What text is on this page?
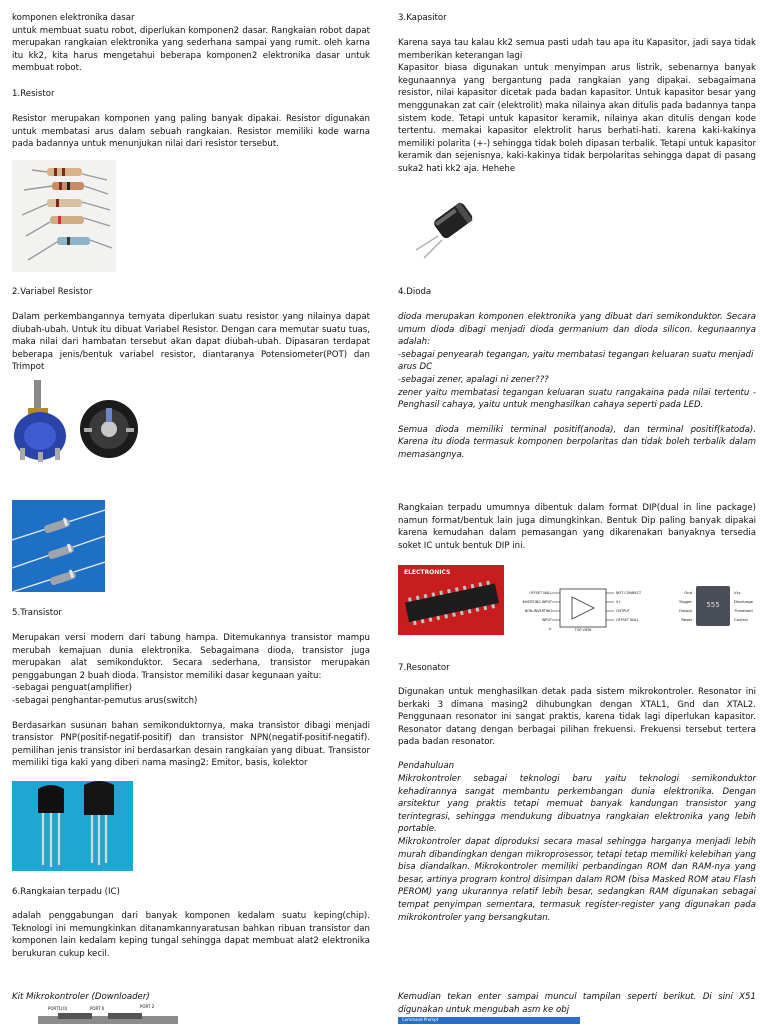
komponen elektronika dasar
untuk membuat suatu robot, diperlukan komponen2 dasar. Rangkaian robot dapat merupakan rangkaian elektronika yang sederhana sampai yang rumit. oleh karna itu kk2, kita harus mengetahui beberapa komponen2 elektronika dasar untuk membuat robot.
1.Resistor
Resistor merupakan komponen yang paling banyak dipakai. Resistor digunakan untuk membatasi arus dalam sebuah rangkaian. Resistor memiliki kode warna pada badannya untuk menunjukan nilai dari resistor tersebut.
2.Variabel Resistor
Dalam perkembangannya ternyata diperlukan suatu resistor yang nilainya dapat diubah-ubah. Untuk itu dibuat Variabel Resistor. Dengan cara memutar suatu tuas, maka nilai dari hambatan tersebut akan dapat diubah-ubah. Dipasaran terdapat beberapa jenis/bentuk variabel resistor, diantaranya Potensiometer(POT) dan Trimpot
5.Transistor
Merupakan versi modern dari tabung hampa. Ditemukannya transistor mampu merubah kemajuan dunia elektronika. Sebagaimana dioda, transistor juga merupakan alat semikonduktor. Secara sederhana, transistor merupakan penggabungan 2 buah dioda. Transistor memiliki dasar kegunaan yaitu:
-sebagai penguat(amplifier)
-sebagai penghantar-pemutus arus(switch)
Berdasarkan susunan bahan semikonduktornya, maka transistor dibagi menjadi transistor PNP(positif-negatif-positif) dan transistor NPN(negatif-positif-negatif). pemilihan jenis transistor ini berdasarkan desain rangkaian yang dibuat. Transistor memiliki tiga kaki yang diberi nama masing2: Emitor, basis, kolektor
6.Rangkaian terpadu (IC)
adalah penggabungan dari banyak komponen kedalam suatu keping(chip). Teknologi ini memungkinkan ditanamkannyaratusan bahkan ribuan transistor dan komponen lain kedalam keping tungal sehingga dapat membuat alat2 elektronika berukuran cukup kecil.
Kit Mikrokontroler (Downloader)
PORT1(O)	PORT 0	PORT 2
3.Kapasitor
Karena saya tau kalau kk2 semua pasti udah tau apa itu Kapasitor, jadi saya tidak memberikan keterangan lagi
Kapasitor biasa digunakan untuk menyimpan arus listrik, sebenarnya banyak kegunaannya yang bergantung pada rangkaian yang dipakai. sebagaimana resistor, nilai kapasitor dicetak pada badan kapasitor. Untuk kapasitor besar yang menggunakan zat cair (elektrolit) maka nilainya akan ditulis pada badannya tanpa sistem kode. Tetapi untuk kapasitor keramik, nilainya akan ditulis dengan kode tertentu. memakai kapasitor elektrolit harus berhati-hati. karena kaki-kakinya memiliki polarita (+-) sehingga tidak boleh dipasan terbalik. Tetapi untuk kapasitor keramik dan sejenisnya, kaki-kakinya tidak berpolaritas sehingga dapat di pasang suka2 hati kk2 aja. Hehehe
4.Dioda
dioda merupakan komponen elektronika yang dibuat dari semikonduktor. Secara umum dioda dibagi menjadi dioda germanium dan dioda silicon. kegunaannya adalah:
-sebagai penyearah tegangan, yaitu membatasi tegangan keluaran suatu menjadi arus DC
-sebagai zener, apalagi ni zener???
zener yaitu membatasi tegangan keluaran suatu rangakaina pada nilai tertentu -Penghasil cahaya, yaitu untuk menghasilkan cahaya seperti pada LED.
Semua dioda memiliki terminal positif(anoda), dan terminal positif(katoda). Karena itu dioda termasuk komponen berpolaritas dan tidak boleh terbalik dalam memasangnya.
Rangkaian terpadu umumnya dibentuk dalam format DIP(dual in line package) namun format/bentuk lain juga dimungkinkan. Bentuk Dip paling banyak dipakai karena kemudahan dalam pemasangan yang dikarenakan banyaknya tersedia soket IC untuk bentuk DIP ini.
ELECTRONICS
OFFSET NULL
INVERTING INPUT
NON-INVERTING INPUT
V-
NOT CONNECT
V+
OUTPUT
OFFSET NULL
TOP VIEW
Gnd
Trigger
Output
Reset
555
Vcc
Discharge
Threshold
Control
7.Resonator
Digunakan untuk menghasilkan detak pada sistem mikrokontroler. Resonator ini berkaki 3 dimana masing2 dihubungkan dengan XTAL1, Gnd dan XTAL2. Penggunaan resonator ini sangat praktis, karena tidak lagi diperlukan kapasitor. Resonator datang dengan berbagai pilihan frekuensi. Frekuensi tersebut tertera pada badan resonator.
Pendahuluan
Mikrokontroler sebagai teknologi baru yaitu teknologi semikonduktor kehadirannya sangat membantu perkembangan dunia elektronika. Dengan arsitektur yang praktis tetapi memuat banyak kandungan transistor yang terintegrasi, sehingga mendukung dibuatnya rangkaian elektronika yang lebih portable.
Mikrokontroler dapat diproduksi secara masal sehingga harganya menjadi lebih murah dibandingkan dengan mikroprosessor, tetapi tetap memiliki kelebihan yang bisa diandalkan. Mikrokontroler memiliki perbandingan ROM dan RAM-nya yang besar, artinya program kontrol disimpan dalam ROM (bisa Masked ROM atau Flash PEROM) yang ukurannya relatif lebih besar, sedangkan RAM digunakan sebagai tempat penyimpan sementara, termasuk register-register yang digunakan pada mikrokontroler yang bersangkutan.
Kemudian tekan enter sampai muncul tampilan seperti berikut. Di sini X51 digunakan untuk mengubah asm ke obj
Command Prompt
